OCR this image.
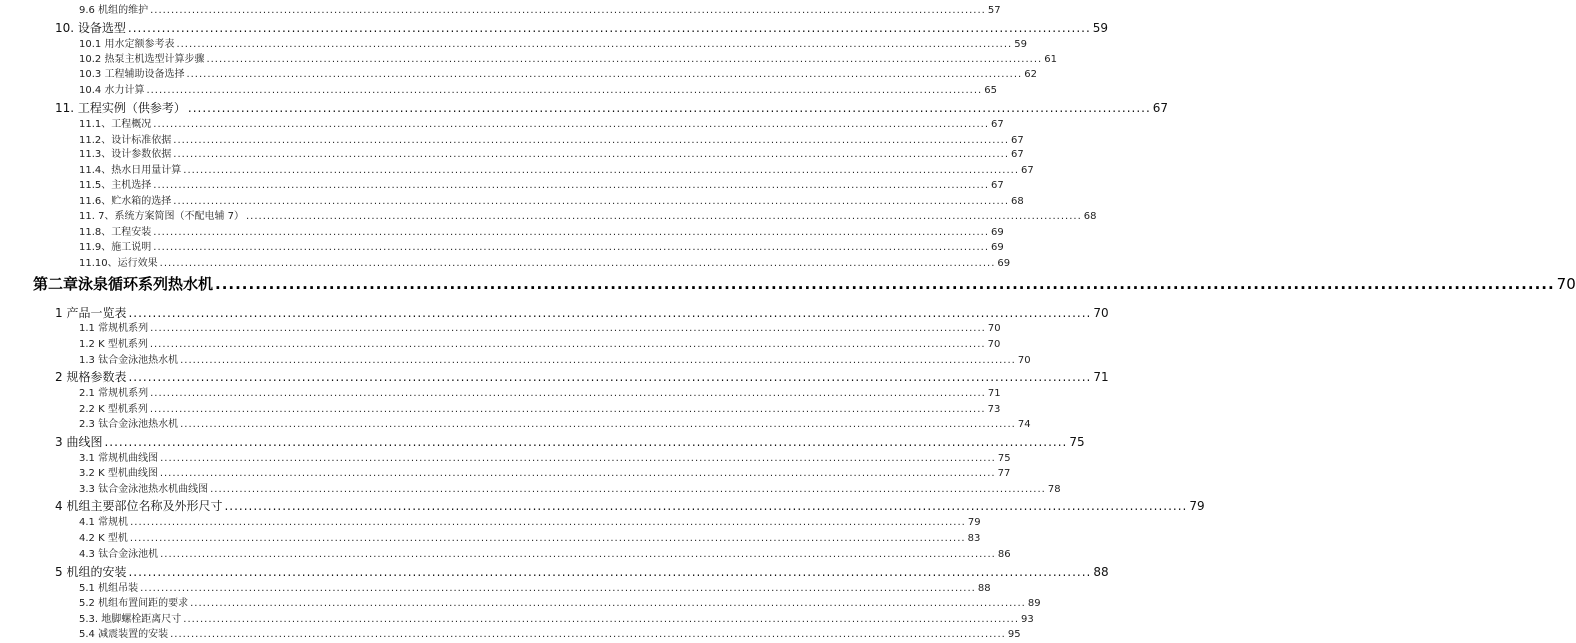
9.6 机组的维护 ........................................................................................................................................................................................................ 57
10. 设备选型 ........................................................................................................................................................................................................ 59
10.1 用水定额参考表 ........................................................................................................................................................................................................ 59
10.2 热泵主机选型计算步骤 ........................................................................................................................................................................................................ 61
10.3 工程辅助设备选择 ........................................................................................................................................................................................................ 62
10.4 水力计算 ........................................................................................................................................................................................................ 65
11. 工程实例（供参考） ........................................................................................................................................................................................................ 67
11.1、工程概况 ........................................................................................................................................................................................................ 67
11.2、设计标准依据 ........................................................................................................................................................................................................ 67
11.3、设计参数依据 ........................................................................................................................................................................................................ 67
11.4、热水日用量计算 ........................................................................................................................................................................................................ 67
11.5、主机选择 ........................................................................................................................................................................................................ 67
11.6、贮水箱的选择 ........................................................................................................................................................................................................ 68
11. 7、系统方案简图（不配电辅 7） ........................................................................................................................................................................................................ 68
11.8、工程安装 ........................................................................................................................................................................................................ 69
11.9、施工说明 ........................................................................................................................................................................................................ 69
11.10、运行效果 ........................................................................................................................................................................................................ 69
第二章泳泉循环系列热水机 ........................................................................................................................................................................................................ 70
1 产品一览表 ........................................................................................................................................................................................................ 70
1.1 常规机系列 ........................................................................................................................................................................................................ 70
1.2 K 型机系列 ........................................................................................................................................................................................................ 70
1.3 钛合金泳池热水机 ........................................................................................................................................................................................................ 70
2 规格参数表 ........................................................................................................................................................................................................ 71
2.1 常规机系列 ........................................................................................................................................................................................................ 71
2.2 K 型机系列 ........................................................................................................................................................................................................ 73
2.3 钛合金泳池热水机 ........................................................................................................................................................................................................ 74
3 曲线图 ........................................................................................................................................................................................................ 75
3.1 常规机曲线图 ........................................................................................................................................................................................................ 75
3.2 K 型机曲线图 ........................................................................................................................................................................................................ 77
3.3 钛合金泳池热水机曲线图 ........................................................................................................................................................................................................ 78
4 机组主要部位名称及外形尺寸 ........................................................................................................................................................................................................ 79
4.1 常规机 ........................................................................................................................................................................................................ 79
4.2 K 型机 ........................................................................................................................................................................................................ 83
4.3 钛合金泳池机 ........................................................................................................................................................................................................ 86
5 机组的安装 ........................................................................................................................................................................................................ 88
5.1 机组吊装 ........................................................................................................................................................................................................ 88
5.2 机组布置间距的要求 ........................................................................................................................................................................................................ 89
5.3. 地脚螺栓距离尺寸 ........................................................................................................................................................................................................ 93
5.4 减震装置的安装 ........................................................................................................................................................................................................ 95
